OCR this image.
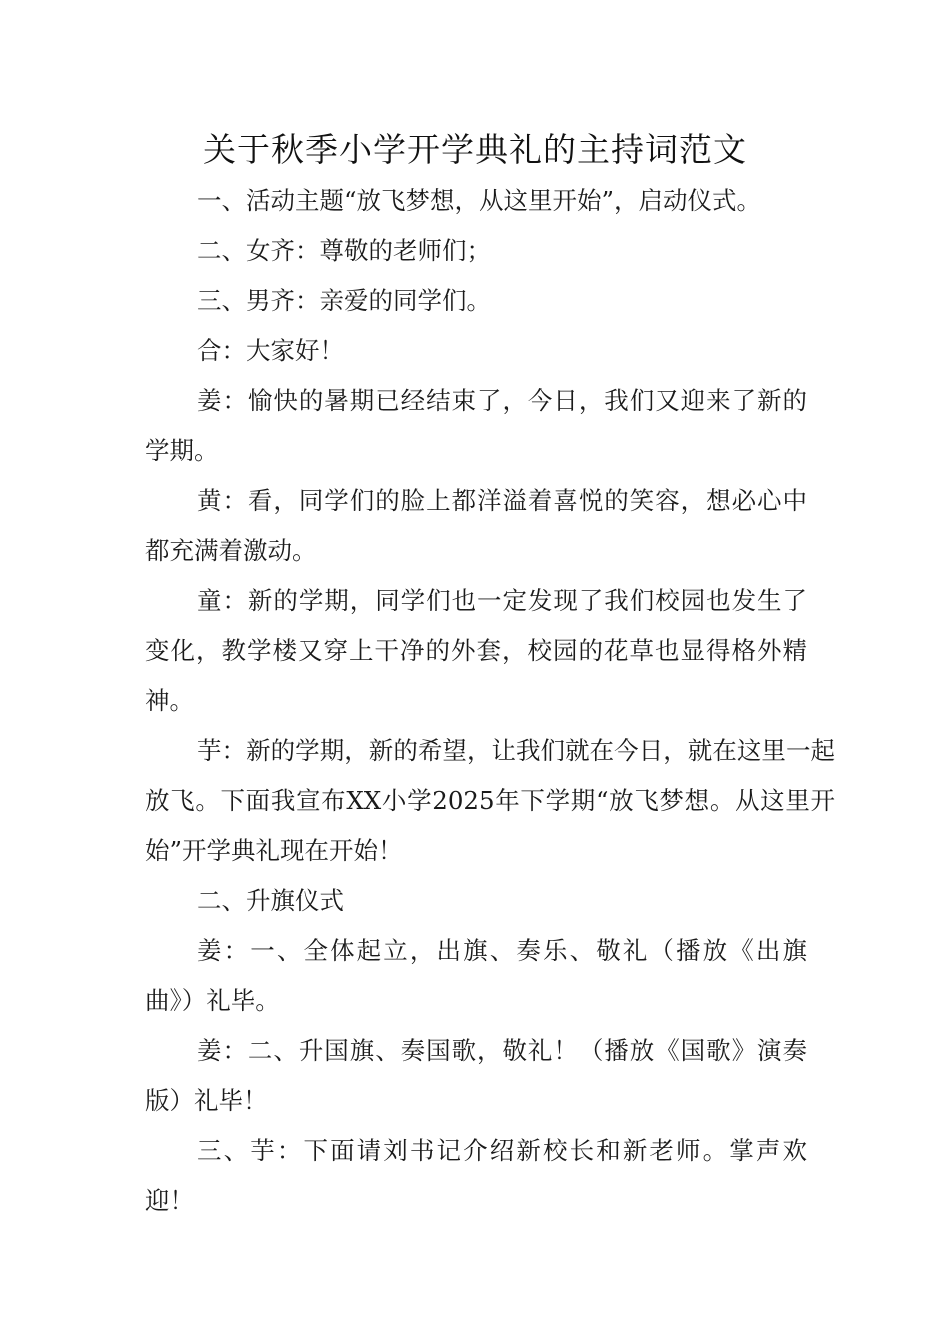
关于秋季小学开学典礼的主持词范文

一、活动主题“放飞梦想，从这里开始”，启动仪式。

二、女齐：尊敬的老师们；

三、男齐：亲爱的同学们。

合：大家好！

姜：愉快的暑期已经结束了，今日，我们又迎来了新的学期。

黄：看，同学们的脸上都洋溢着喜悦的笑容，想必心中都充满着激动。

童：新的学期，同学们也一定发现了我们校园也发生了变化，教学楼又穿上干净的外套，校园的花草也显得格外精神。

芋：新的学期，新的希望，让我们就在今日，就在这里一起放飞。下面我宣布XX小学2025年下学期“放飞梦想。从这里开始”开学典礼现在开始！

二、升旗仪式

姜：一、全体起立，出旗、奏乐、敬礼（播放《出旗曲》）礼毕。

姜：二、升国旗、奏国歌，敬礼！（播放《国歌》演奏版）礼毕！

三、芋：下面请刘书记介绍新校长和新老师。掌声欢迎！
